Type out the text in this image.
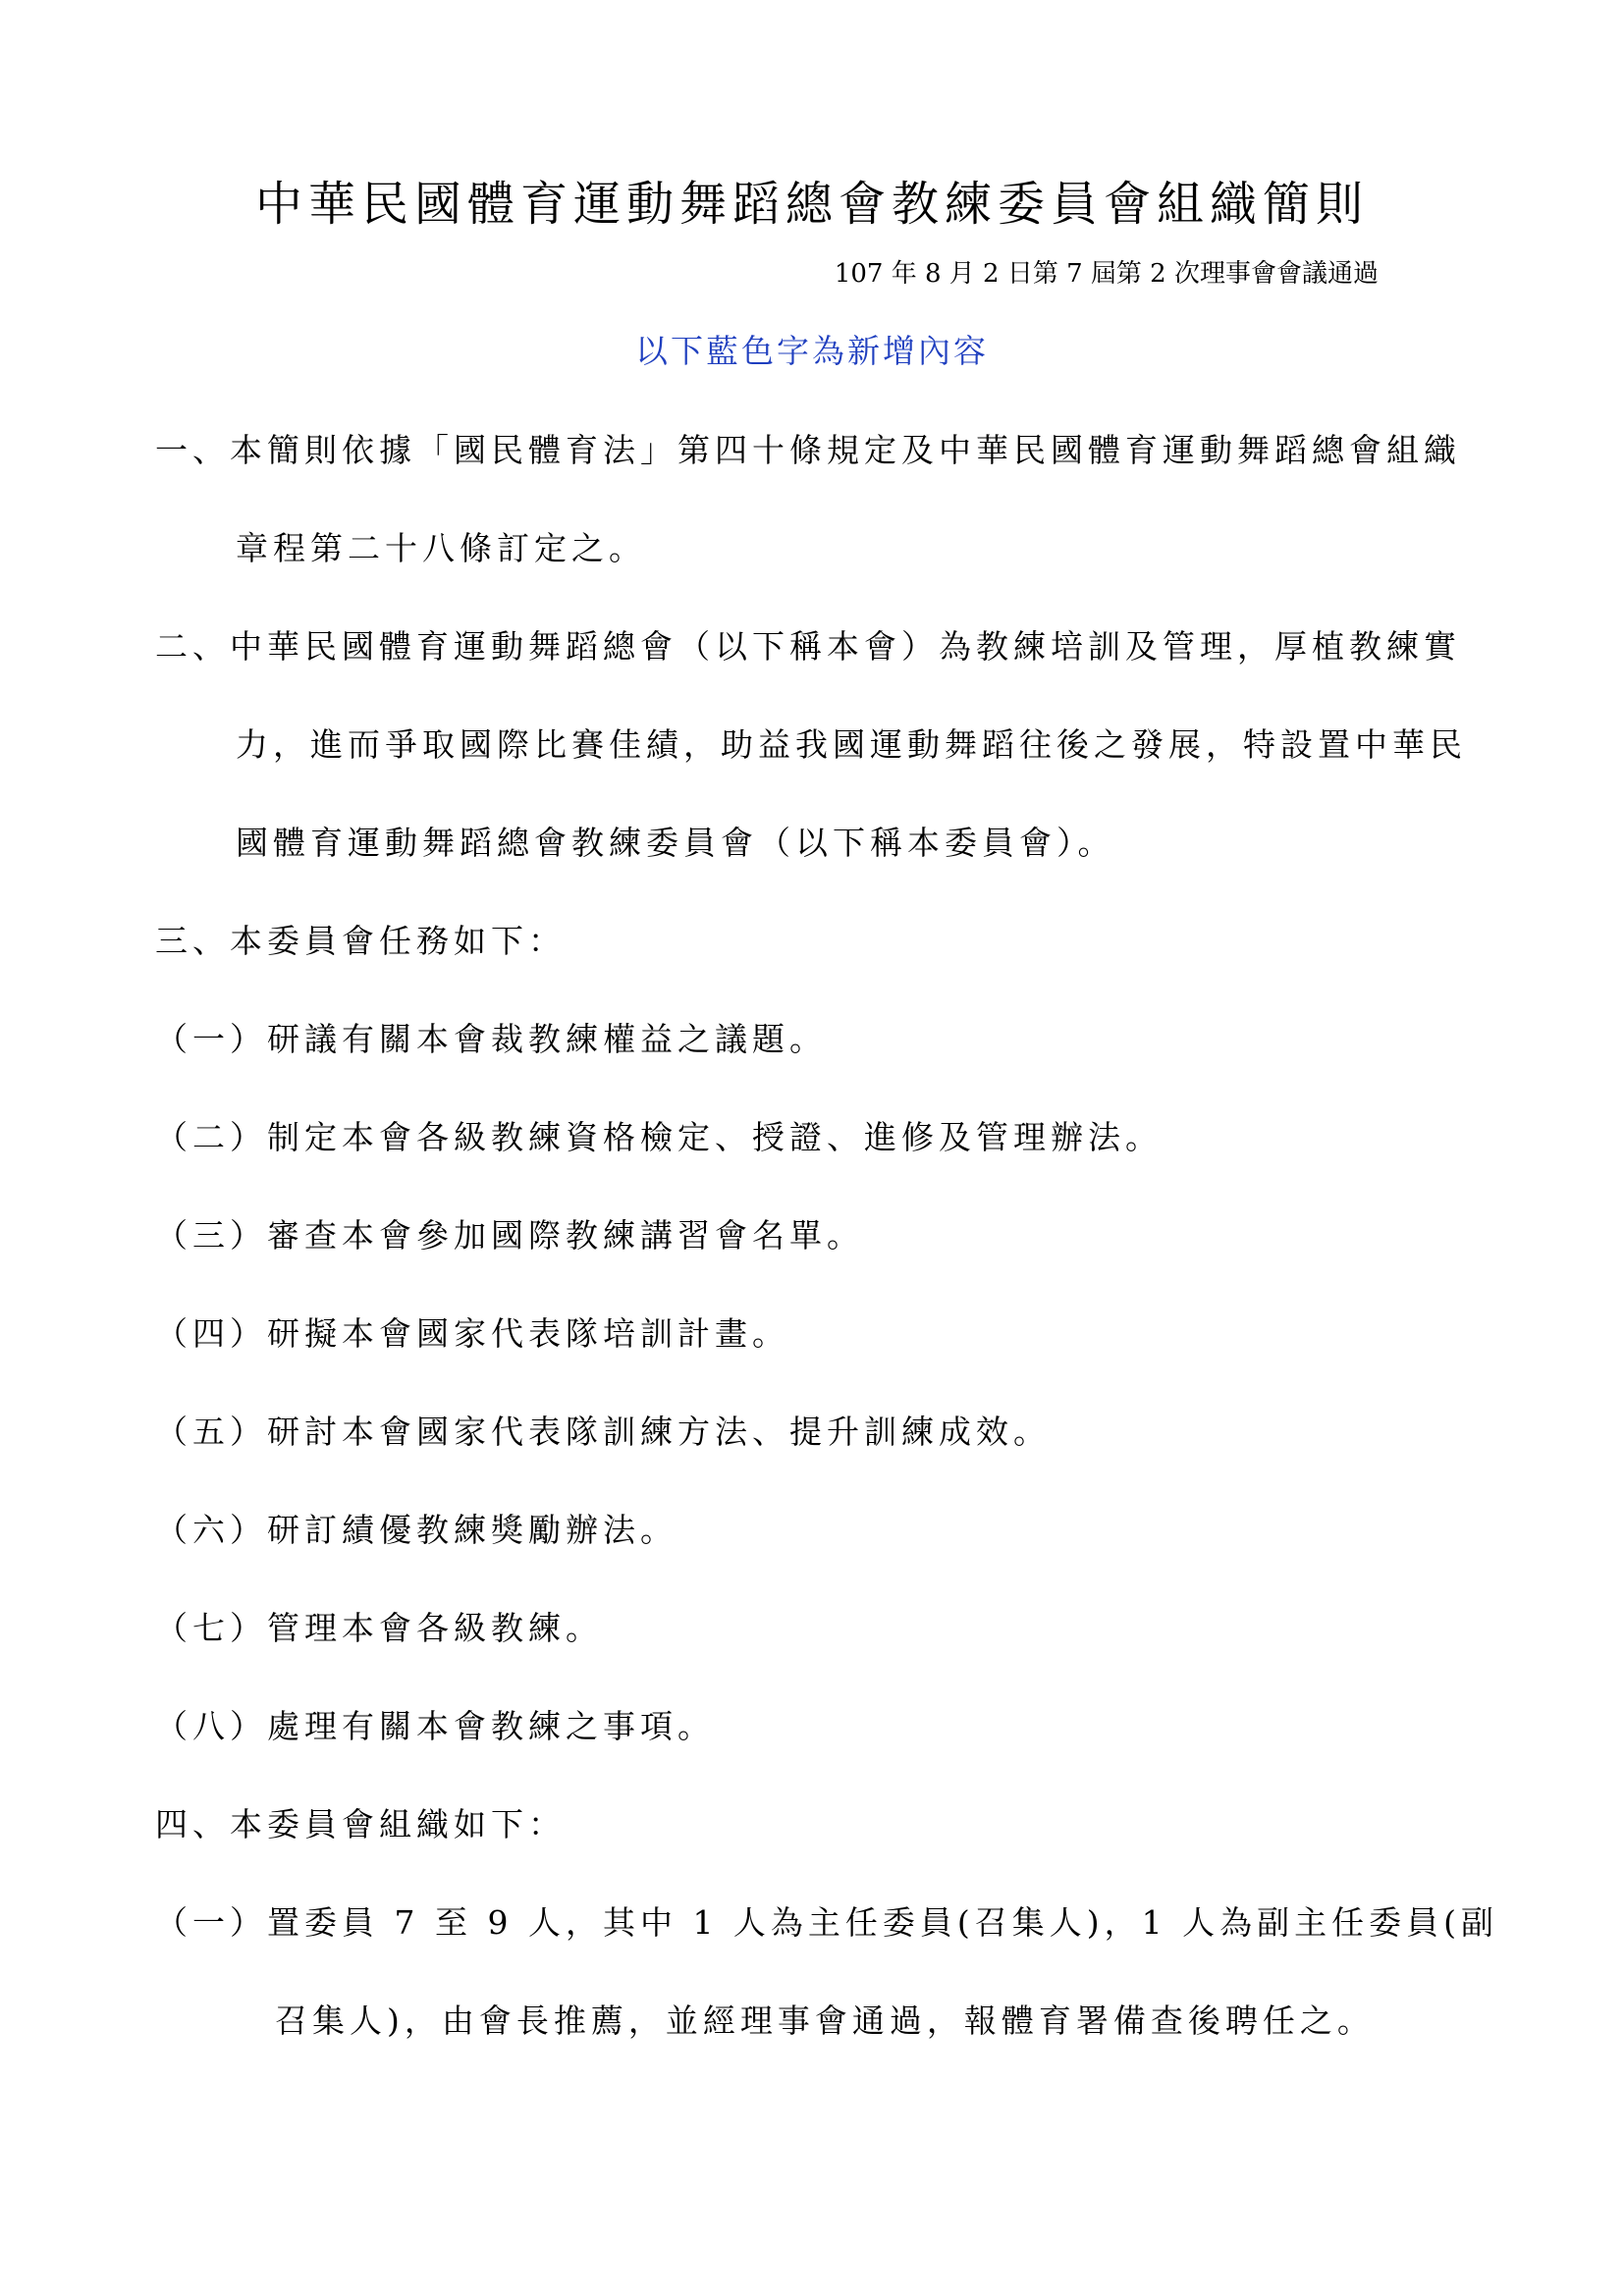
中華民國體育運動舞蹈總會教練委員會組織簡則
107 年 8 月 2 日第 7 屆第 2 次理事會會議通過
以下藍色字為新增內容
一、本簡則依據「國民體育法」第四十條規定及中華民國體育運動舞蹈總會組織
章程第二十八條訂定之。
二、中華民國體育運動舞蹈總會（以下稱本會）為教練培訓及管理，厚植教練實
力，進而爭取國際比賽佳績，助益我國運動舞蹈往後之發展，特設置中華民
國體育運動舞蹈總會教練委員會（以下稱本委員會）。
三、本委員會任務如下：
（一）研議有關本會裁教練權益之議題。
（二）制定本會各級教練資格檢定、授證、進修及管理辦法。
（三）審查本會參加國際教練講習會名單。
（四）研擬本會國家代表隊培訓計畫。
（五）研討本會國家代表隊訓練方法、提升訓練成效。
（六）研訂績優教練獎勵辦法。
（七）管理本會各級教練。
（八）處理有關本會教練之事項。
四、本委員會組織如下：
（一）置委員 7 至 9 人，其中 1 人為主任委員(召集人)，1 人為副主任委員(副
召集人)，由會長推薦，並經理事會通過，報體育署備查後聘任之。
